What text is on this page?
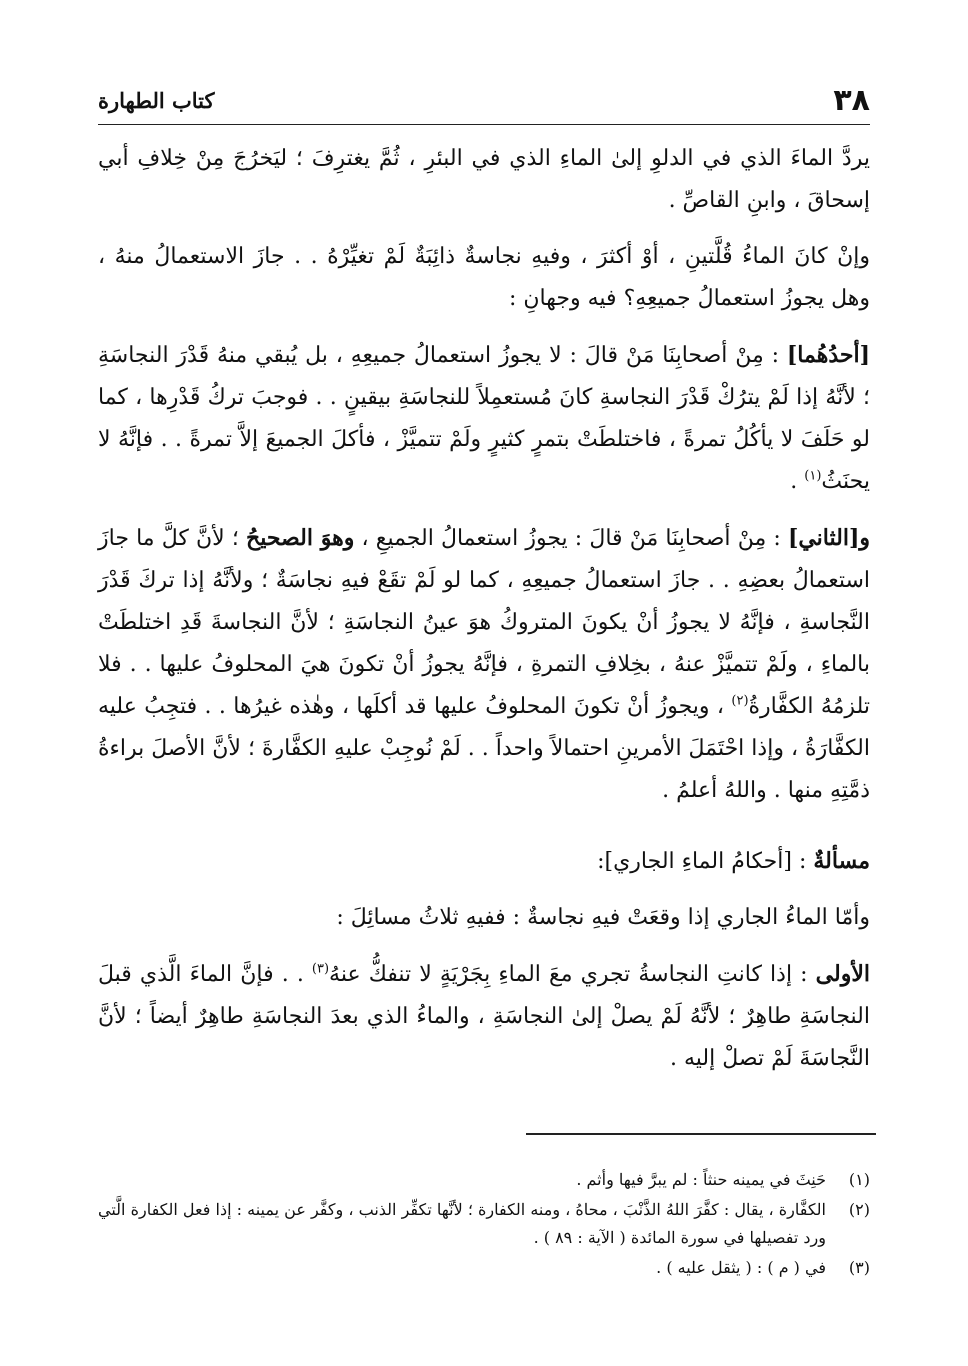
٣٨
كتاب الطهارة

يردَّ الماءَ الذي في الدلوِ إلىٰ الماءِ الذي في البئرِ ، ثُمَّ يغترِفَ ؛ ليَخرُجَ مِنْ خِلافِ أبي إسحاقَ ، وابنِ القاصِّ .

وإنْ كانَ الماءُ قُلَّتينِ ، أوْ أكثرَ ، وفيهِ نجاسةٌ ذائِبَةٌ لَمْ تغيِّرْهُ . . جازَ الاستعمالُ منهُ ، وهل يجوزُ استعمالُ جميعِهِ؟ فيه وجهانِ :

[أحدُهُما] : مِنْ أصحابِنَا مَنْ قالَ : لا يجوزُ استعمالُ جميعِهِ ، بل يُبقي منهُ قَدْرَ النجاسَةِ ؛ لأنَّهُ إذا لَمْ يترُكْ قَدْرَ النجاسةِ كانَ مُستعمِلاً للنجاسَةِ بيقينٍ . . فوجبَ تركُ قَدْرِها ، كما لو حَلَفَ لا يأكُلُ تمرةً ، فاختلطَتْ بتمرٍ كثيرٍ ولَمْ تتميَّزْ ، فأكلَ الجميعَ إلاَّ تمرةً . . فإنَّهُ لا يحنَثُ$^{(١)}$ .

و[الثاني] : مِنْ أصحابِنَا مَنْ قالَ : يجوزُ استعمالُ الجميعِ ، وهوَ الصحيحُ ؛ لأنَّ كلَّ ما جازَ استعمالُ بعضِهِ . . جازَ استعمالُ جميعِهِ ، كما لو لَمْ تقَعْ فيهِ نجاسَةٌ ؛ ولأنَّهُ إذا تركَ قَدْرَ النَّجاسةِ ، فإنَّهُ لا يجوزُ أنْ يكونَ المتروكُ هوَ عينُ النجاسَةِ ؛ لأنَّ النجاسةَ قَدِ اختلطَتْ بالماءِ ، ولَمْ تتميَّزْ عنهُ ، بخِلافِ التمرةِ ، فإنَّهُ يجوزُ أنْ تكونَ هيَ المحلوفُ عليها . . فلا تلزمُهُ الكفَّارةُ$^{(٢)}$ ، ويجوزُ أنْ تكونَ المحلوفُ عليها قد أكلَها ، وهٰذه غيرُها . . فتجِبُ عليه الكفَّارَةُ ، وإذا احْتَمَلَ الأمرينِ احتمالاً واحداً . . لَمْ نُوجِبْ عليهِ الكفَّارةَ ؛ لأنَّ الأصلَ براءةُ ذمَّتِهِ منها . واللهُ أعلمُ .

مسألةٌ : [أحكامُ الماءِ الجاري]:

وأمّا الماءُ الجاري إذا وقعَتْ فيهِ نجاسةٌ : ففيهِ ثلاثُ مسائِلَ :

الأولى : إذا كانتِ النجاسةُ تجري معَ الماءِ بِجَرْيَةٍ لا تنفكُّ عنهُ$^{(٣)}$ . . فإنَّ الماءَ الَّذي قبلَ النجاسَةِ طاهِرٌ ؛ لأنَّهُ لَمْ يصلْ إلىٰ النجاسَةِ ، والماءُ الذي بعدَ النجاسَةِ طاهِرٌ أيضاً ؛ لأنَّ النَّجاسَةَ لَمْ تصلْ إليه .

(١)
حَنِثَ في يمينه حنثاً : لم يبرَّ فيها وأثم .
(٢)
الكفَّارة ، يقال : كفَّرَ اللهُ الذَّنْبَ ، محاهُ ، ومنه الكفارة ؛ لأنَّها تكفِّر الذنب ، وكفَّر عن يمينه : إذا فعل الكفارة الَّتي ورد تفصيلها في سورة المائدة ( الآية : ٨٩ ) .
(٣)
في ( م ) : ( يثقل عليه ) .
